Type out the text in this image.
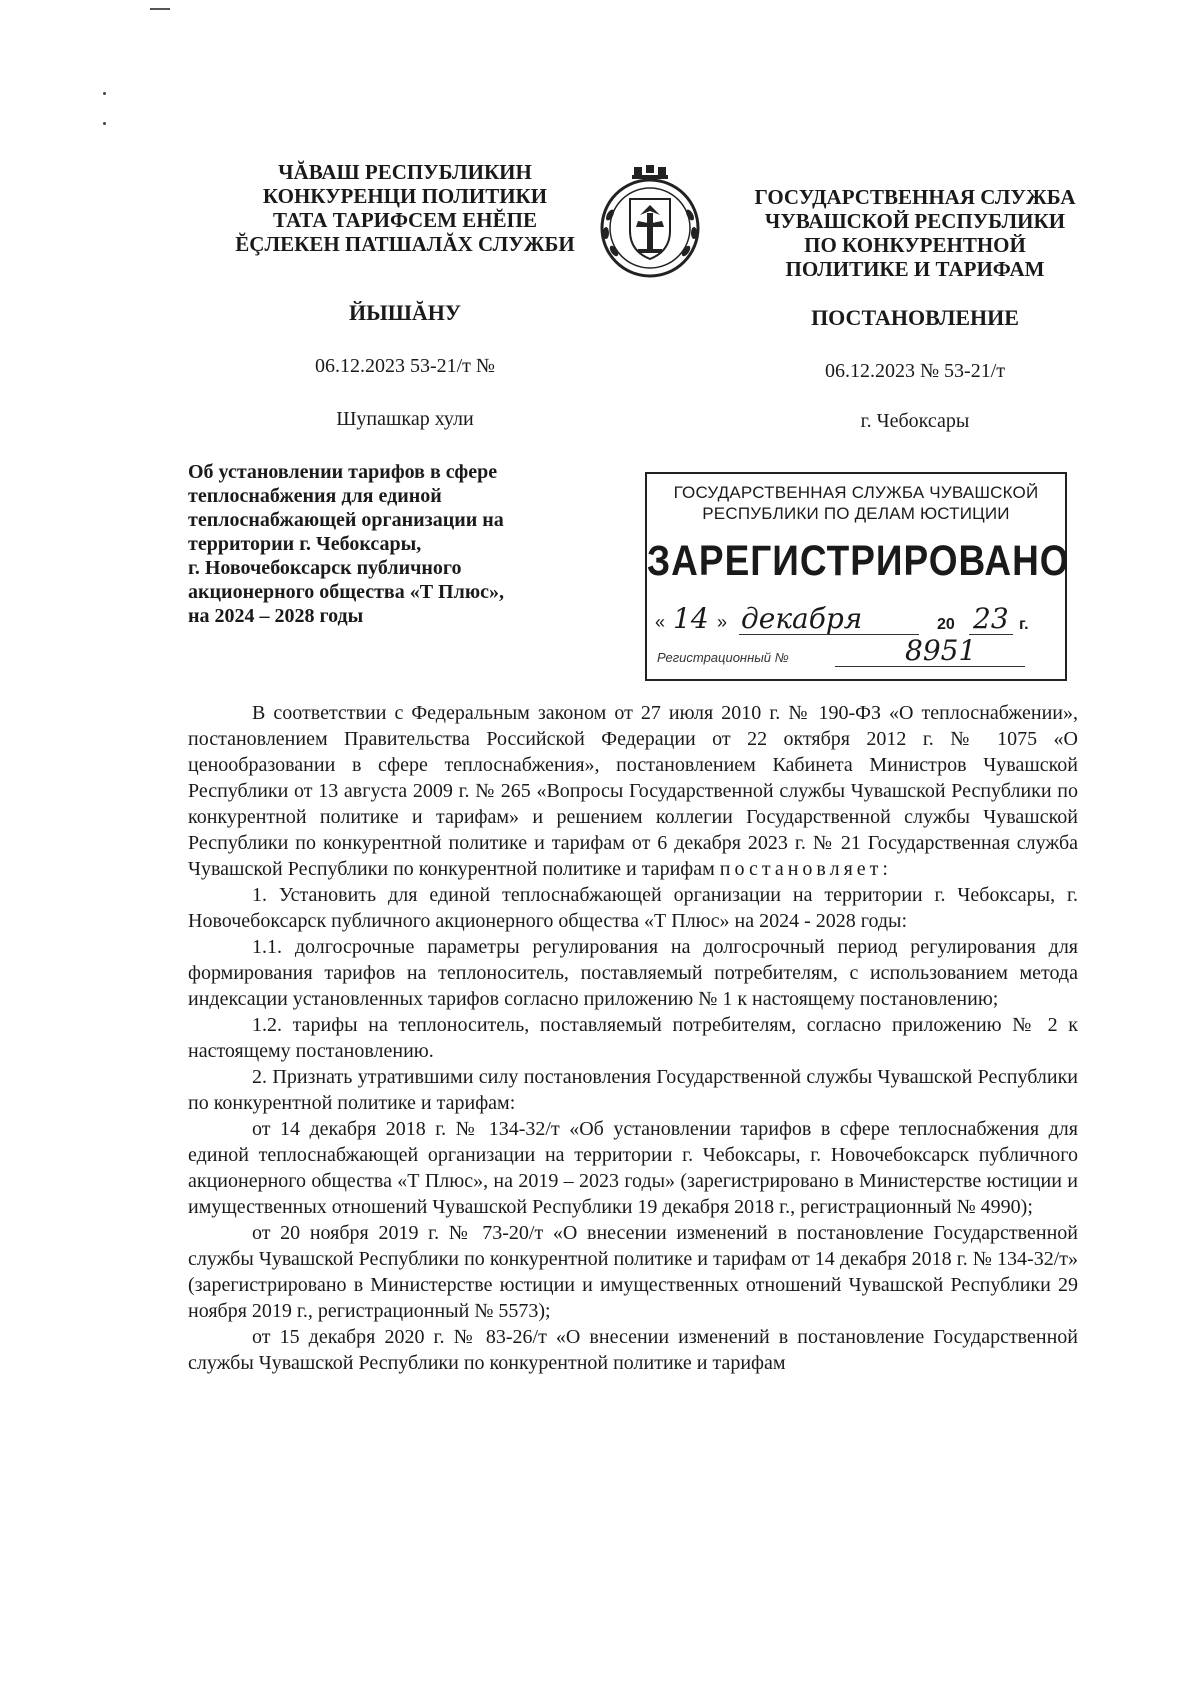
ЧĂВАШ РЕСПУБЛИКИН
КОНКУРЕНЦИ ПОЛИТИКИ
ТАТА ТАРИФСЕМ ЕНĔПЕ
ĔÇЛЕКЕН ПАТШАЛĂХ СЛУЖБИ
ГОСУДАРСТВЕННАЯ СЛУЖБА
ЧУВАШСКОЙ РЕСПУБЛИКИ
ПО КОНКУРЕНТНОЙ
ПОЛИТИКЕ И ТАРИФАМ
ЙЫШĂНУ	ПОСТАНОВЛЕНИЕ
06.12.2023 53-21/т №	06.12.2023 № 53-21/т
Шупашкар хули	г. Чебоксары
Об установлении тарифов в сфере
теплоснабжения для единой
теплоснабжающей организации на
территории г. Чебоксары,
г. Новочебоксарск публичного
акционерного общества «Т Плюс»,
на 2024 – 2028 годы
ГОСУДАРСТВЕННАЯ СЛУЖБА ЧУВАШСКОЙ
РЕСПУБЛИКИ ПО ДЕЛАМ ЮСТИЦИИ
ЗАРЕГИСТРИРОВАНО
« 14 » декабря	20 23 г.
Регистрационный №	8951

В соответствии с Федеральным законом от 27 июля 2010 г. № 190-ФЗ «О теплоснабжении», постановлением Правительства Российской Федерации от 22 октября 2012 г. № 1075 «О ценообразовании в сфере теплоснабжения», постановлением Кабинета Министров Чувашской Республики от 13 августа 2009 г. № 265 «Вопросы Государственной службы Чувашской Республики по конкурентной политике и тарифам» и решением коллегии Государственной службы Чувашской Республики по конкурентной политике и тарифам от 6 декабря 2023 г. № 21 Государственная служба Чувашской Республики по конкурентной политике и тарифам постановляет:

1. Установить для единой теплоснабжающей организации на территории г. Чебоксары, г. Новочебоксарск публичного акционерного общества «Т Плюс» на 2024 - 2028 годы:

1.1. долгосрочные параметры регулирования на долгосрочный период регулирования для формирования тарифов на теплоноситель, поставляемый потребителям, с использованием метода индексации установленных тарифов согласно приложению № 1 к настоящему постановлению;

1.2. тарифы на теплоноситель, поставляемый потребителям, согласно приложению № 2 к настоящему постановлению.

2. Признать утратившими силу постановления Государственной службы Чувашской Республики по конкурентной политике и тарифам:

от 14 декабря 2018 г. № 134-32/т «Об установлении тарифов в сфере теплоснабжения для единой теплоснабжающей организации на территории г. Чебоксары, г. Новочебоксарск публичного акционерного общества «Т Плюс», на 2019 – 2023 годы» (зарегистрировано в Министерстве юстиции и имущественных отношений Чувашской Республики 19 декабря 2018 г., регистрационный № 4990);

от 20 ноября 2019 г. № 73-20/т «О внесении изменений в постановление Государственной службы Чувашской Республики по конкурентной политике и тарифам от 14 декабря 2018 г. № 134-32/т» (зарегистрировано в Министерстве юстиции и имущественных отношений Чувашской Республики 29 ноября 2019 г., регистрационный № 5573);

от 15 декабря 2020 г. № 83-26/т «О внесении изменений в постановление Государственной службы Чувашской Республики по конкурентной политике и тарифам
